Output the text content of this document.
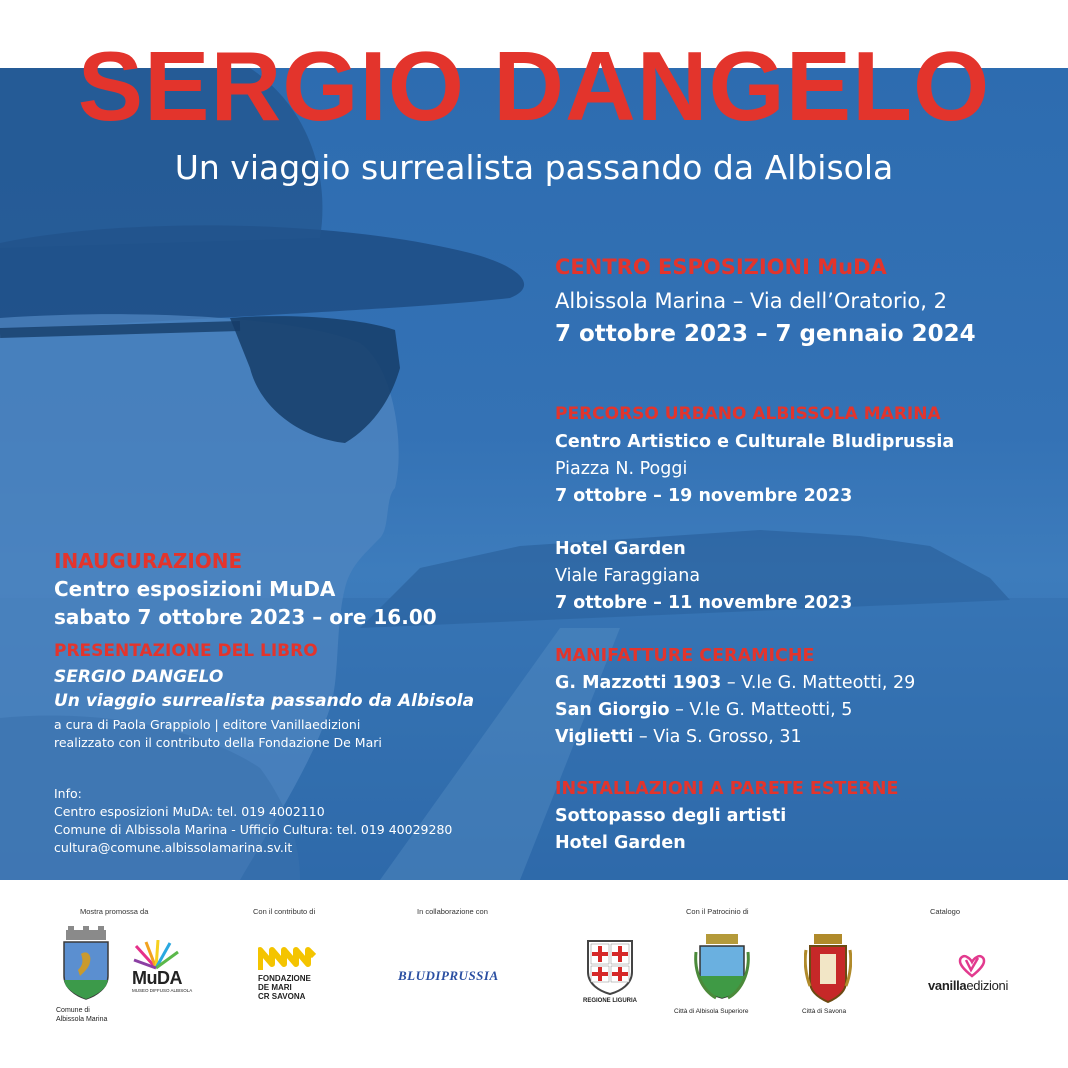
SERGIO DANGELO
Un viaggio surrealista passando da Albisola
CENTRO ESPOSIZIONI MuDA
Albissola Marina – Via dell’Oratorio, 2
7 ottobre 2023 – 7 gennaio 2024
PERCORSO URBANO ALBISSOLA MARINA
Centro Artistico e Culturale Bludiprussia
Piazza N. Poggi
7 ottobre – 19 novembre 2023
Hotel Garden
Viale Faraggiana
7 ottobre – 11 novembre 2023
MANIFATTURE CERAMICHE
G. Mazzotti 1903 – V.le G. Matteotti, 29
San Giorgio – V.le G. Matteotti, 5
Viglietti – Via S. Grosso, 31
INSTALLAZIONI A PARETE ESTERNE
Sottopasso degli artisti
Hotel Garden
INAUGURAZIONE
Centro esposizioni MuDA
sabato 7 ottobre 2023 – ore 16.00
PRESENTAZIONE DEL LIBRO
SERGIO DANGELO
Un viaggio surrealista passando da Albisola
a cura di Paola Grappiolo | editore Vanillaedizioni
realizzato con il contributo della Fondazione De Mari
Info:
Centro esposizioni MuDA: tel. 019 4002110
Comune di Albissola Marina - Ufficio Cultura: tel. 019 40029280
cultura@comune.albissolamarina.sv.it
Mostra promossa da	Con il contributo di	In collaborazione con	Con il Patrocinio di	Catalogo
Comune di
Albissola Marina
MuDA
MUSEO DIFFUSO ALBISOLA
FONDAZIONE
DE MARI
CR SAVONA
BLUDIPRUSSIA
REGIONE LIGURIA
Città di Albisola Superiore	Città di Savona
vanillaedizioni
